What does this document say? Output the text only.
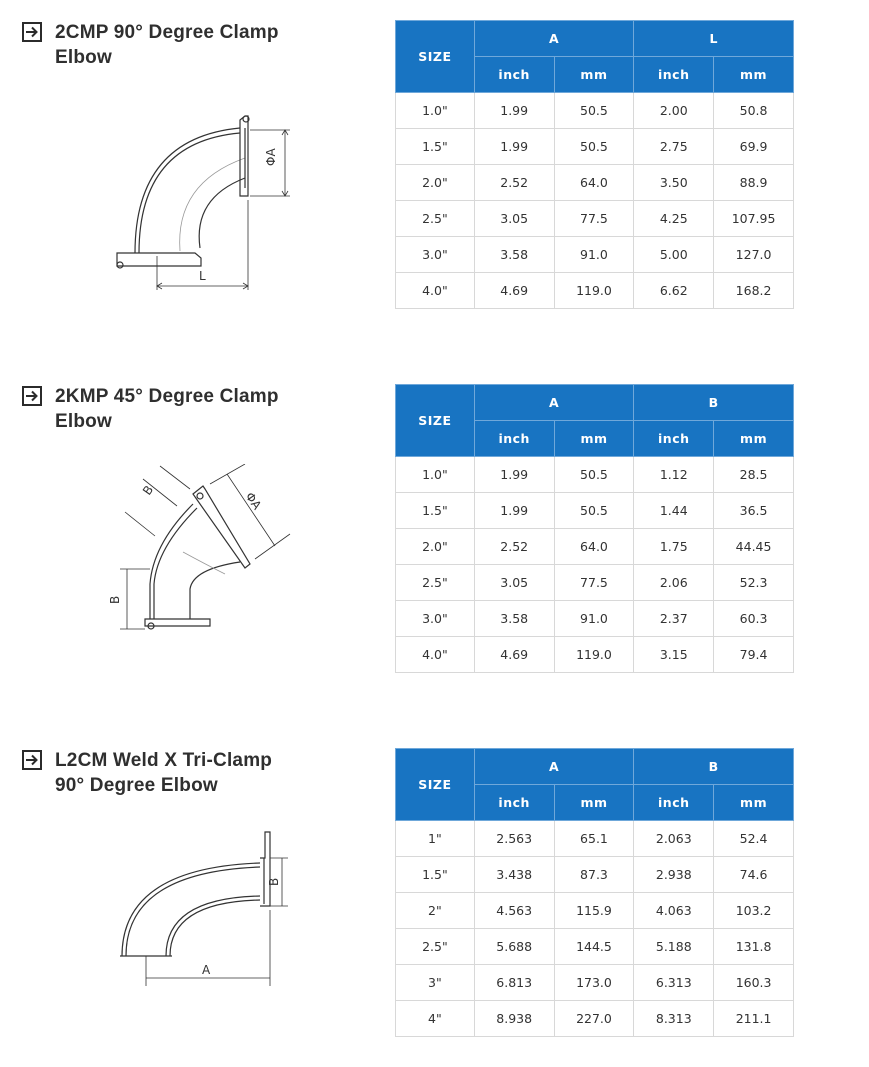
2CMP 90° Degree Clamp
Elbow
ΦA
L
SIZE	A		L	
	inch	mm	inch	mm
1.0"	1.99	50.5	2.00	50.8
1.5"	1.99	50.5	2.75	69.9
2.0"	2.52	64.0	3.50	88.9
2.5"	3.05	77.5	4.25	107.95
3.0"	3.58	91.0	5.00	127.0
4.0"	4.69	119.0	6.62	168.2
2KMP 45° Degree Clamp
Elbow
B	ΦA
B
SIZE	A		B	
	inch	mm	inch	mm
1.0"	1.99	50.5	1.12	28.5
1.5"	1.99	50.5	1.44	36.5
2.0"	2.52	64.0	1.75	44.45
2.5"	3.05	77.5	2.06	52.3
3.0"	3.58	91.0	2.37	60.3
4.0"	4.69	119.0	3.15	79.4
L2CM Weld X Tri-Clamp
90° Degree Elbow
B
A
SIZE	A		B	
	inch	mm	inch	mm
1"	2.563	65.1	2.063	52.4
1.5"	3.438	87.3	2.938	74.6
2"	4.563	115.9	4.063	103.2
2.5"	5.688	144.5	5.188	131.8
3"	6.813	173.0	6.313	160.3
4"	8.938	227.0	8.313	211.1
